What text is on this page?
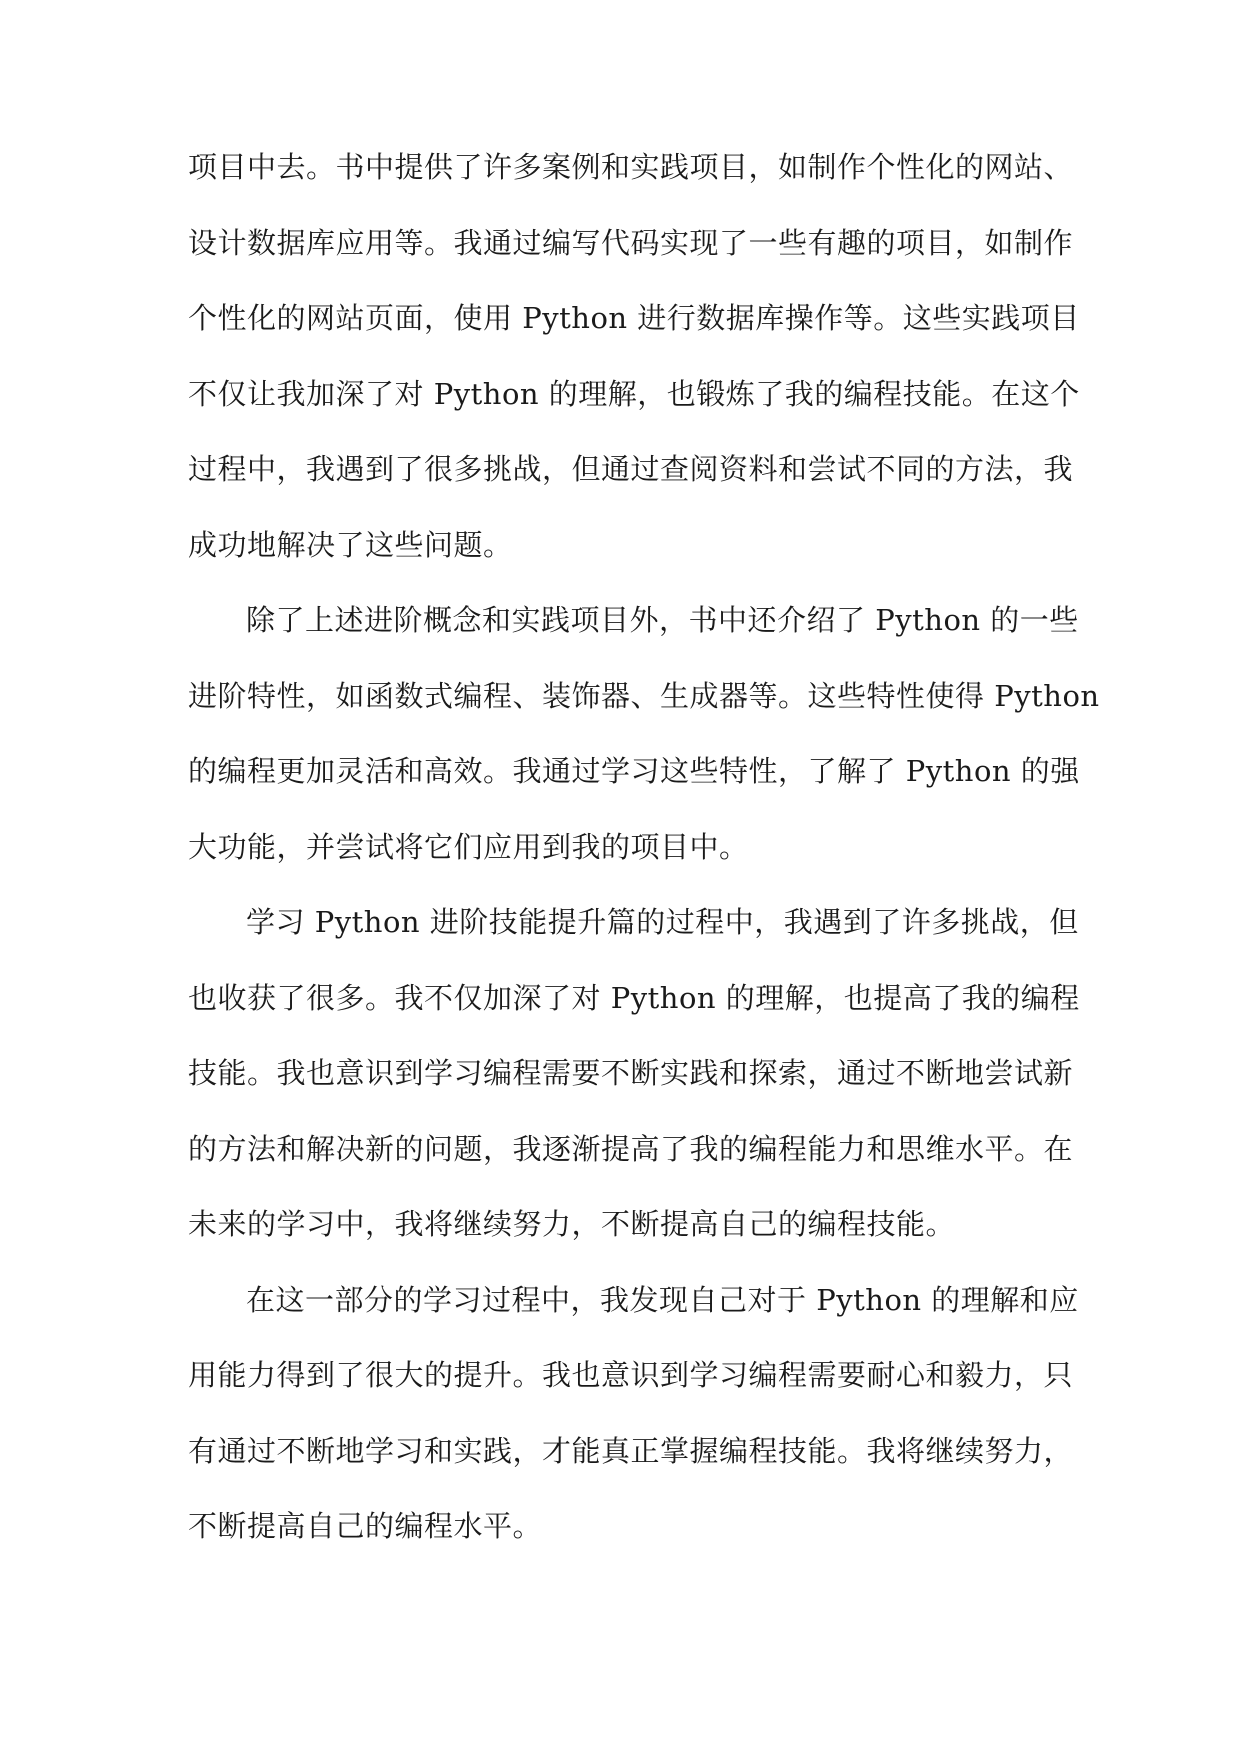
项目中去。书中提供了许多案例和实践项目，如制作个性化的网站、
设计数据库应用等。我通过编写代码实现了一些有趣的项目，如制作
个性化的网站页面，使用 Python 进行数据库操作等。这些实践项目
不仅让我加深了对 Python 的理解，也锻炼了我的编程技能。在这个
过程中，我遇到了很多挑战，但通过查阅资料和尝试不同的方法，我
成功地解决了这些问题。
除了上述进阶概念和实践项目外，书中还介绍了 Python 的一些
进阶特性，如函数式编程、装饰器、生成器等。这些特性使得 Python
的编程更加灵活和高效。我通过学习这些特性，了解了 Python 的强
大功能，并尝试将它们应用到我的项目中。
学习 Python 进阶技能提升篇的过程中，我遇到了许多挑战，但
也收获了很多。我不仅加深了对 Python 的理解，也提高了我的编程
技能。我也意识到学习编程需要不断实践和探索，通过不断地尝试新
的方法和解决新的问题，我逐渐提高了我的编程能力和思维水平。在
未来的学习中，我将继续努力，不断提高自己的编程技能。
在这一部分的学习过程中，我发现自己对于 Python 的理解和应
用能力得到了很大的提升。我也意识到学习编程需要耐心和毅力，只
有通过不断地学习和实践，才能真正掌握编程技能。我将继续努力，
不断提高自己的编程水平。
